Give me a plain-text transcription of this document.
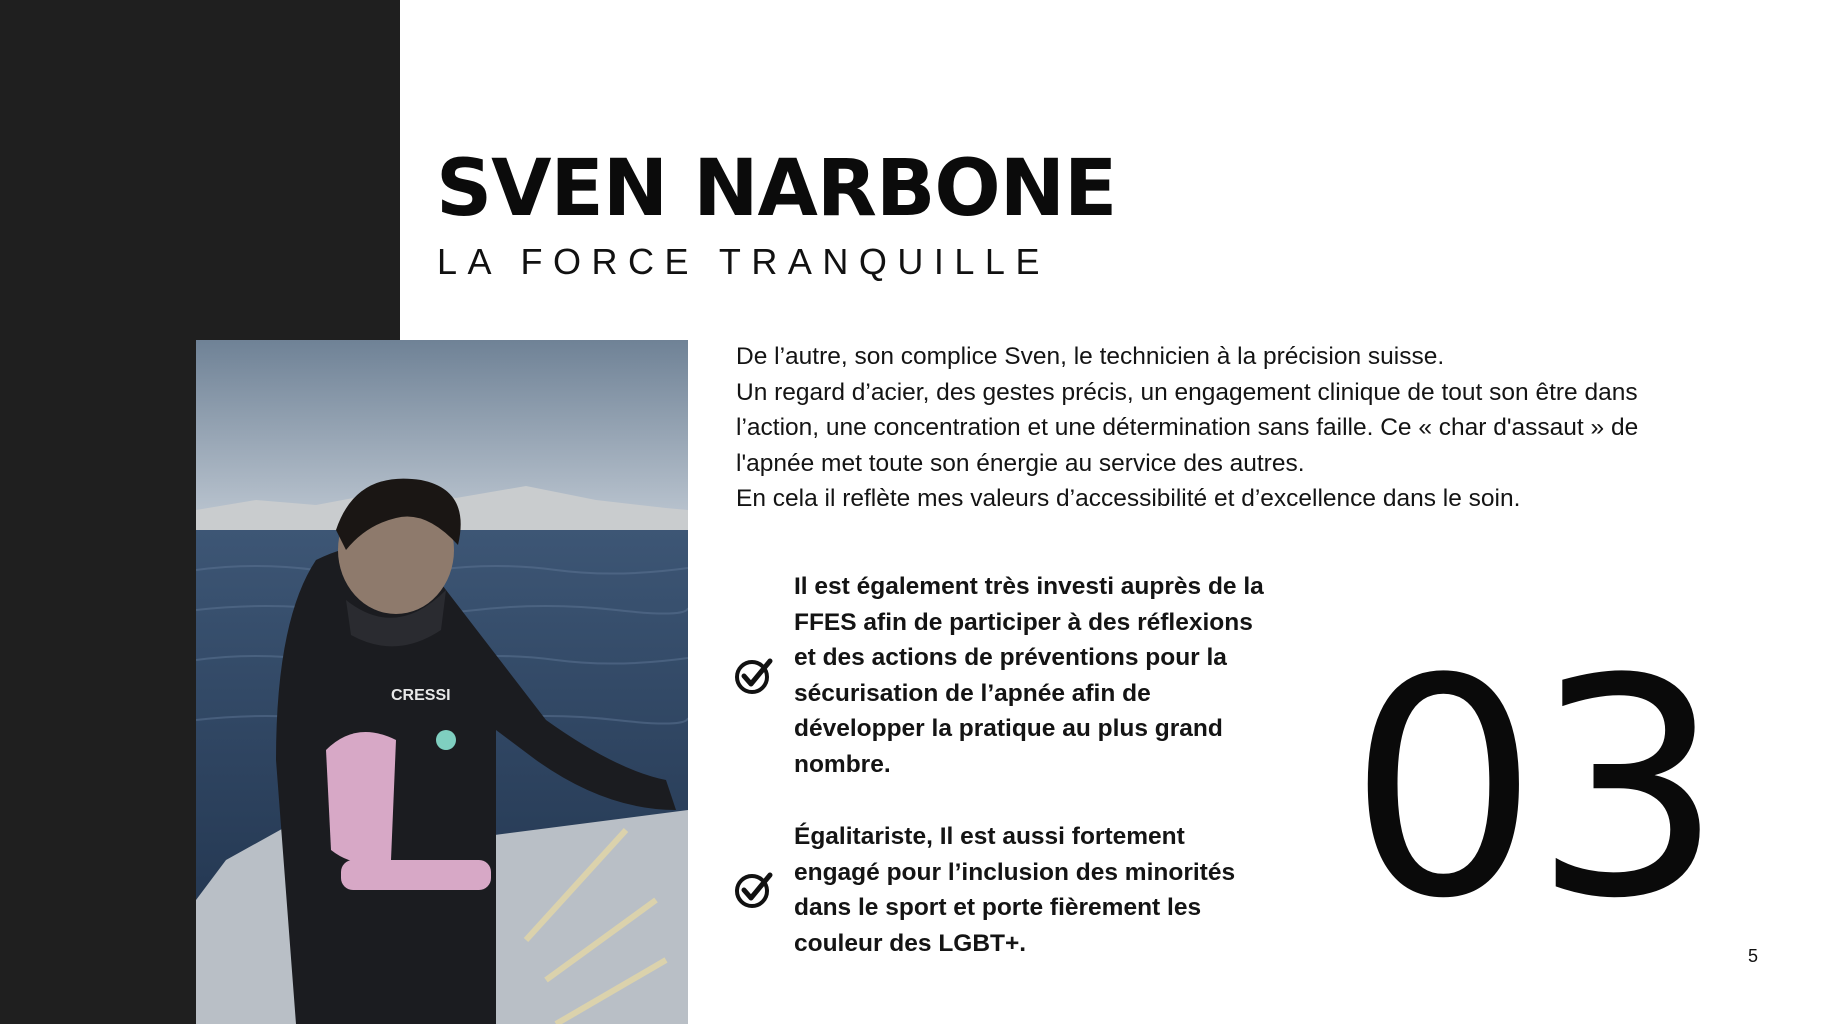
CRESSI
SVEN NARBONE
LA FORCE TRANQUILLE

De l’autre, son complice Sven, le technicien à la précision suisse.

Un regard d’acier, des gestes précis, un engagement clinique de tout son être dans

l’action, une concentration et une détermination sans faille. Ce « char d'assaut » de

l'apnée met toute son énergie au service des autres.

En cela il reflète mes valeurs d’accessibilité et d’excellence dans le soin.

Il est également très investi auprès de la FFES afin de participer à des réflexions et des actions de préventions pour la sécurisation de l’apnée afin de développer la pratique au plus grand nombre.
Égalitariste, Il est aussi fortement engagé pour l’inclusion des minorités dans le sport et porte fièrement les couleur des LGBT+.	03 5
